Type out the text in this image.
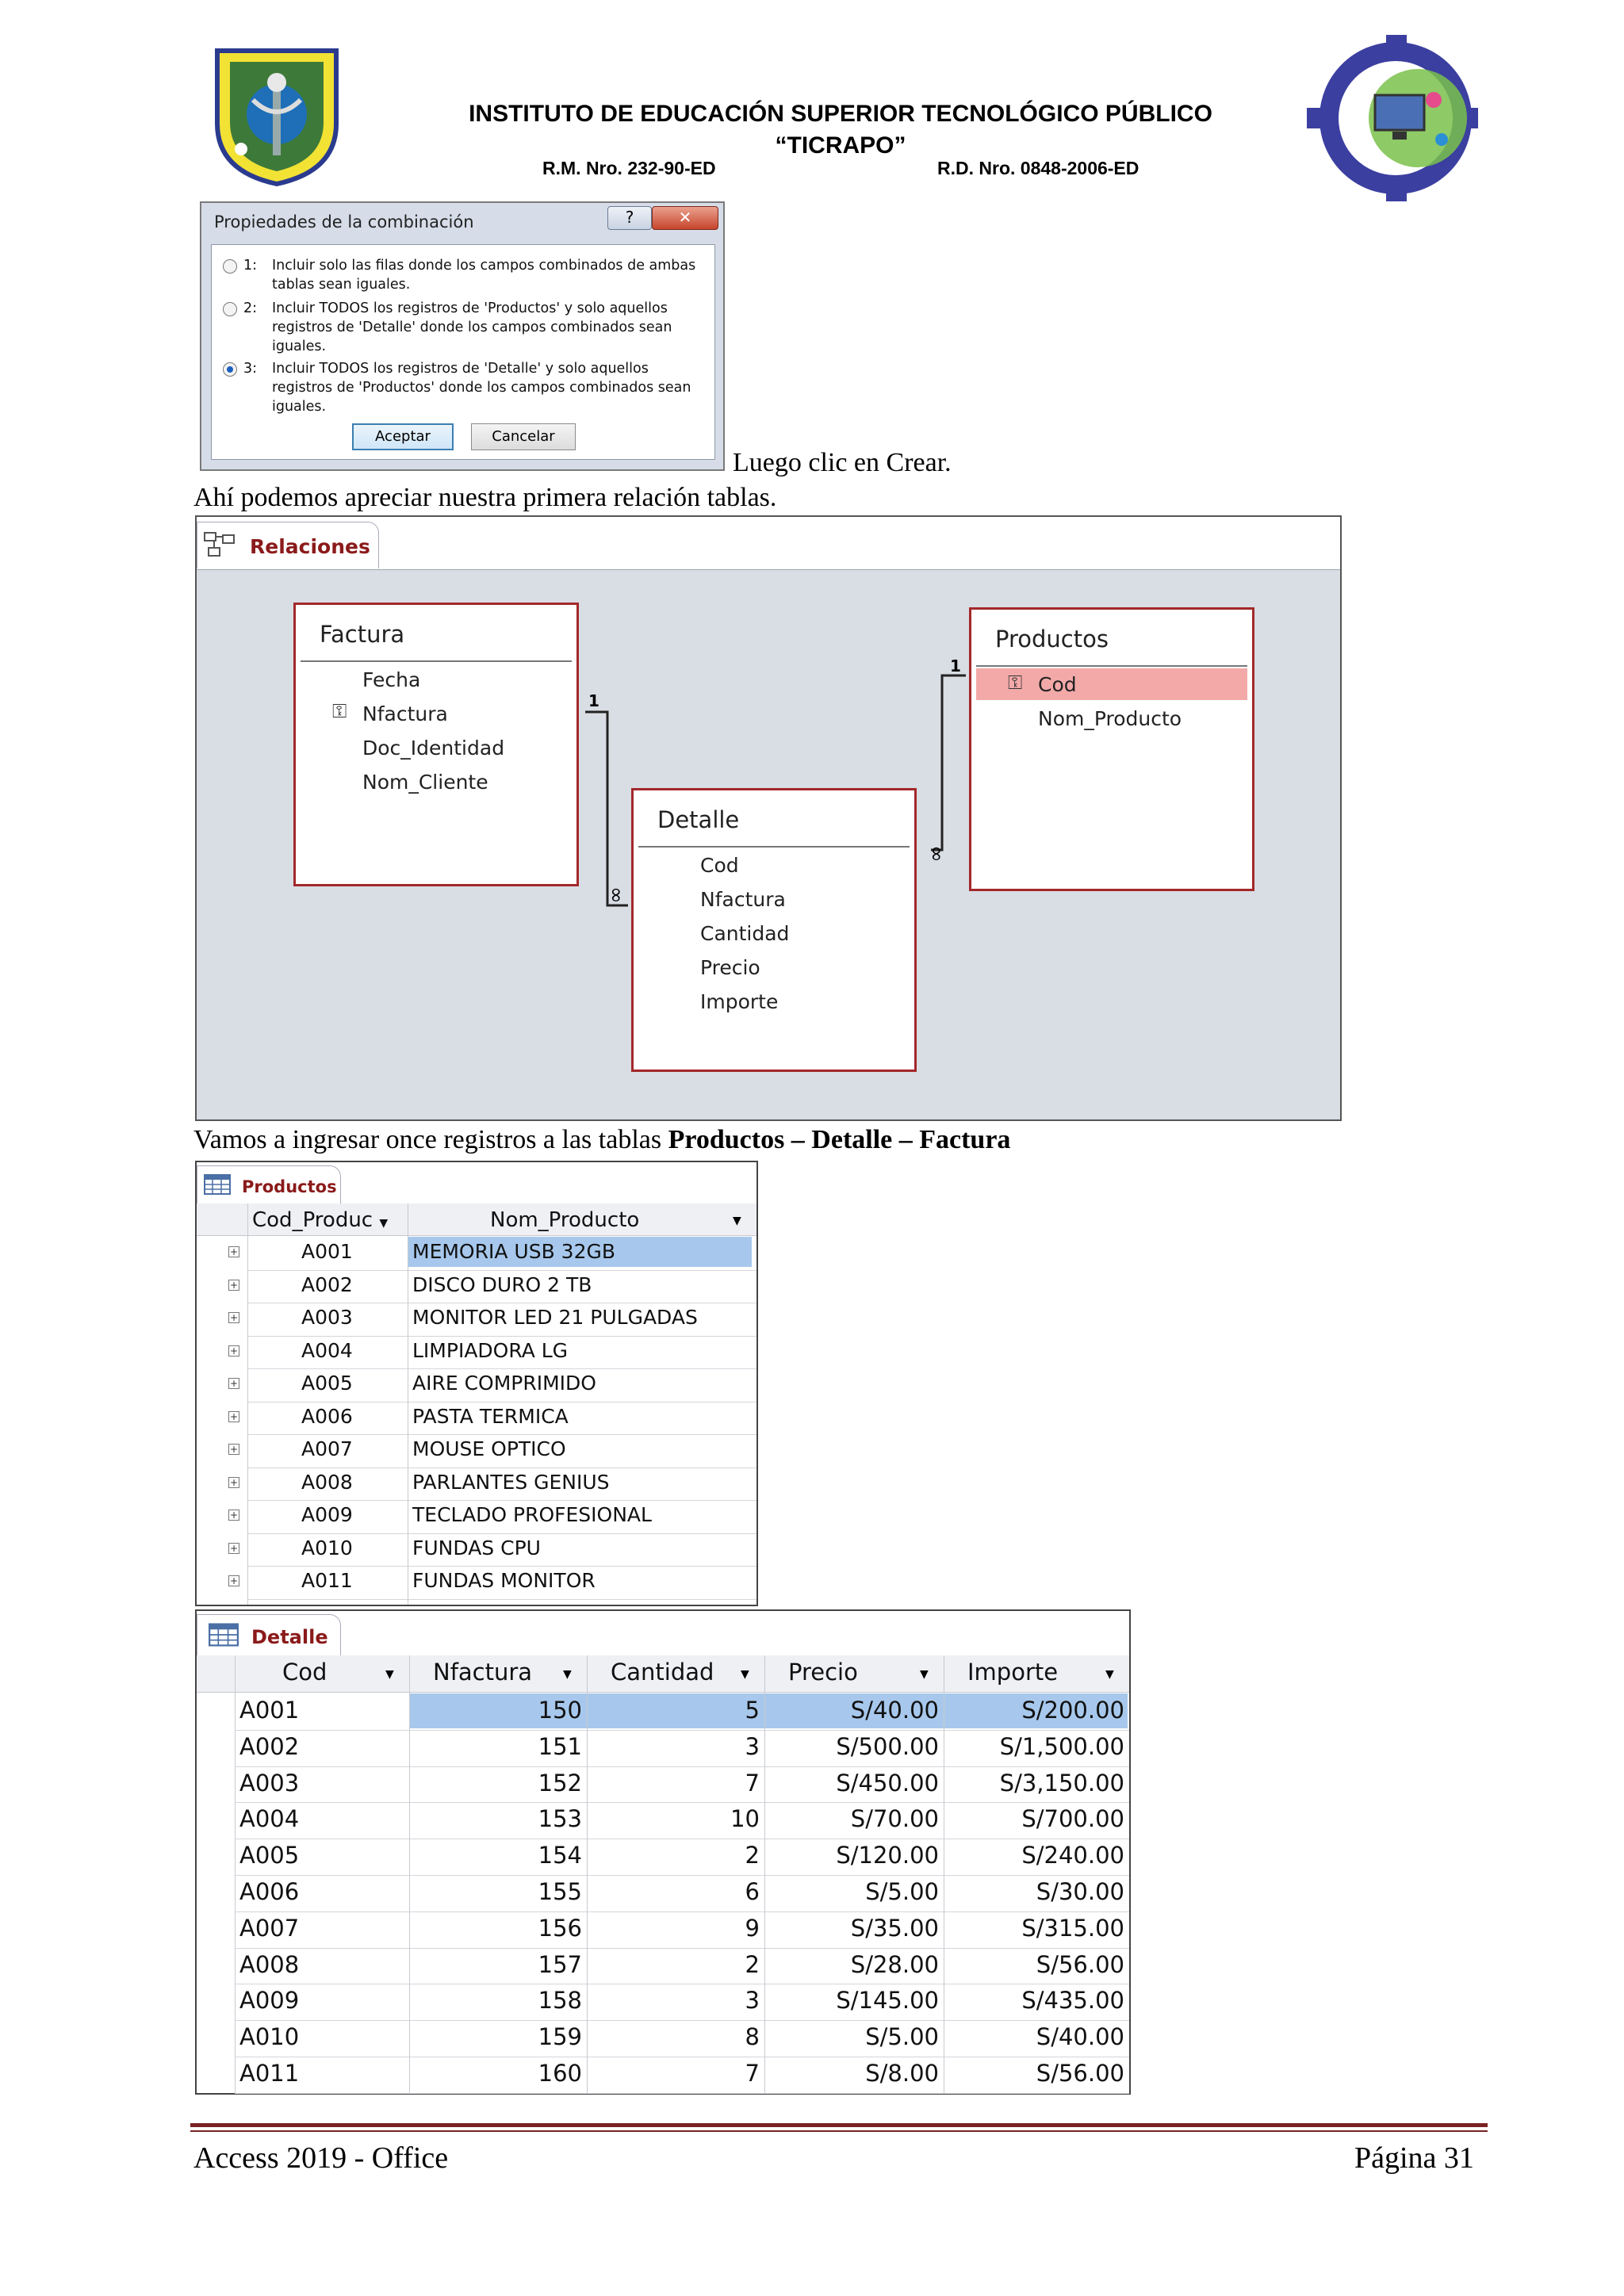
INSTITUTO DE EDUCACIÓN SUPERIOR TECNOLÓGICO PÚBLICO
“TICRAPO”
R.M. Nro. 232-90-ED	R.D. Nro. 0848-2006-ED
Propiedades de la combinación	?	✕
1: Incluir solo las filas donde los campos combinados de ambas tablas sean iguales.
2: Incluir TODOS los registros de 'Productos' y solo aquellos registros de 'Detalle' donde los campos combinados sean iguales.
3: Incluir TODOS los registros de 'Detalle' y solo aquellos registros de 'Productos' donde los campos combinados sean iguales.
Aceptar	Cancelar
Luego clic en Crear.
Ahí podemos apreciar nuestra primera relación tablas.
Relaciones
Factura
⚿
Fecha
Nfactura
Doc_Identidad
Nom_Cliente
Detalle
Cod
Nfactura
Cantidad
Precio
Importe
Productos
⚿ Cod
Nom_Producto
1
∞
1
∞
Vamos a ingresar once registros a las tablas Productos – Detalle – Factura
Productos
Cod_Produc ▼	Nom_Producto	▼
+	A001	MEMORIA USB 32GB
+	A002	DISCO DURO 2 TB
+	A003	MONITOR LED 21 PULGADAS
+	A004	LIMPIADORA LG
+	A005	AIRE COMPRIMIDO
+	A006	PASTA TERMICA
+	A007	MOUSE OPTICO
+	A008	PARLANTES GENIUS
+	A009	TECLADO PROFESIONAL
+	A010	FUNDAS CPU
+	A011	FUNDAS MONITOR
Detalle
Cod	▼ Nfactura	▼ Cantidad ▼ Precio	▼ Importe	▼
A001	150	5	S/40.00	S/200.00
A002	151	3	S/500.00	S/1,500.00
A003	152	7	S/450.00	S/3,150.00
A004	153	10	S/70.00	S/700.00
A005	154	2	S/120.00	S/240.00
A006	155	6	S/5.00	S/30.00
A007	156	9	S/35.00	S/315.00
A008	157	2	S/28.00	S/56.00
A009	158	3	S/145.00	S/435.00
A010	159	8	S/5.00	S/40.00
A011	160	7	S/8.00	S/56.00
Access 2019 - Office	Página 31
